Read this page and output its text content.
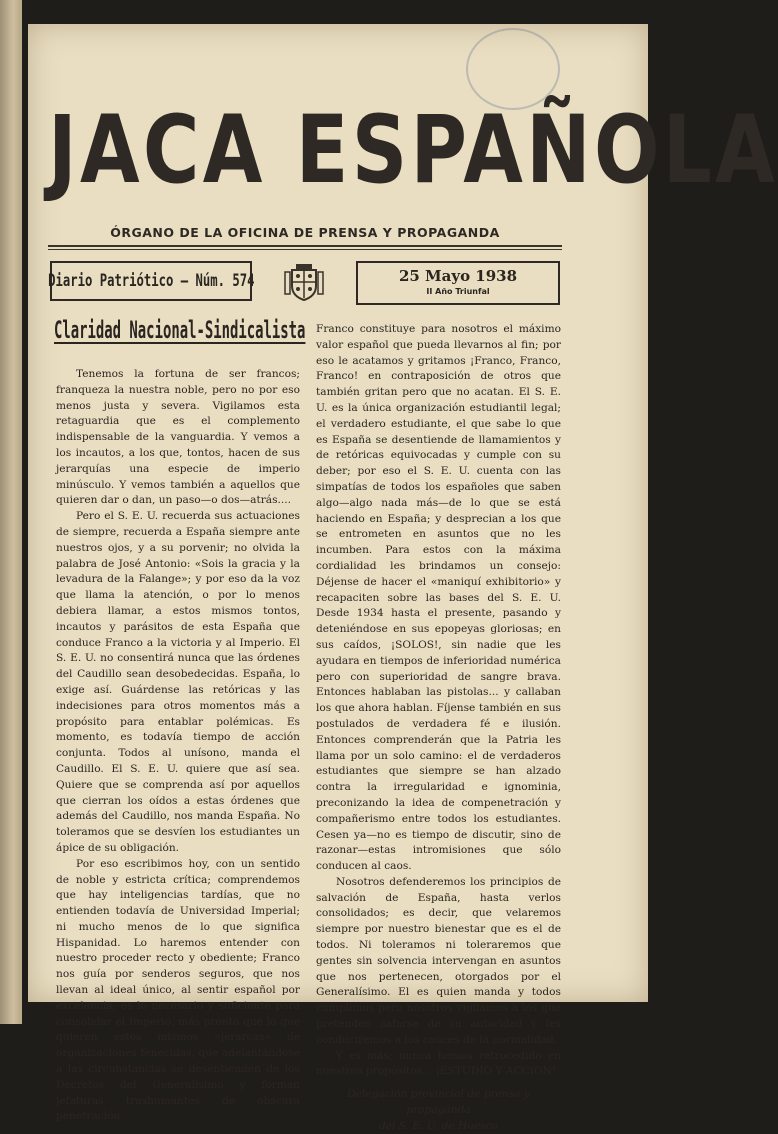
JACA ESPAÑOLA
ÓRGANO DE LA OFICINA DE PRENSA Y PROPAGANDA
Diario Patriótico — Núm. 574	25 Mayo 1938
II Año Triunfal
Claridad Nacional-Sindicalista

Tenemos la fortuna de ser francos; franqueza la nuestra noble, pero no por eso menos justa y severa. Vigilamos esta retaguardia que es el complemento indispensable de la vanguardia. Y vemos a los incautos, a los que, tontos, hacen de sus jerarquías una especie de imperio minúsculo. Y vemos también a aquellos que quieren dar o dan, un paso—o dos—atrás....

Pero el S. E. U. recuerda sus actuaciones de siempre, recuerda a España siempre ante nuestros ojos, y a su porvenir; no olvida la palabra de José Antonio: «Sois la gracia y la levadura de la Falange»; y por eso da la voz que llama la atención, o por lo menos debiera llamar, a estos mismos tontos, incautos y parásitos de esta España que conduce Franco a la victoria y al Imperio. El S. E. U. no consentirá nunca que las órdenes del Caudillo sean desobedecidas. España, lo exige así. Guárdense las retóricas y las indecisiones para otros momentos más a propósito para entablar polémicas. Es momento, es todavía tiempo de acción conjunta. Todos al unísono, manda el Caudillo. El S. E. U. quiere que así sea. Quiere que se comprenda así por aquellos que cierran los oídos a estas órdenes que además del Caudillo, nos manda España. No toleramos que se desvíen los estudiantes un ápice de su obligación.

Por eso escribimos hoy, con un sentido de noble y estricta crítica; comprendemos que hay inteligencias tardías, que no entienden todavía de Universidad Imperial; ni mucho menos de lo que significa Hispanidad. Lo haremos entender con nuestro proceder recto y obediente; Franco nos guía por senderos seguros, que nos llevan al ideal único, al sentir español por excelencia; es lo necesario y suficiente para consolidar el Imperio, más pronto que lo que quieren estos mismos «jerarcas» de organizaciones fenecidas, que adelantándose a las circunstancias se desentienden de los Decretos del Generalísimo y forman jefaturas trashumantes de obscura penetración.

Franco constituye para nosotros el máximo valor español que pueda llevarnos al fin; por eso le acatamos y gritamos ¡Franco, Franco, Franco! en contraposición de otros que también gritan pero que no acatan. El S. E. U. es la única organización estudiantil legal; el verdadero estudiante, el que sabe lo que es España se desentiende de llamamientos y de retóricas equivocadas y cumple con su deber; por eso el S. E. U. cuenta con las simpatías de todos los españoles que saben algo—algo nada más—de lo que se está haciendo en España; y desprecian a los que se entrometen en asuntos que no les incumben. Para estos con la máxima cordialidad les brindamos un consejo: Déjense de hacer el «maniquí exhibitorio» y recapaciten sobre las bases del S. E. U. Desde 1934 hasta el presente, pasando y deteniéndose en sus epopeyas gloriosas; en sus caídos, ¡SOLOS!, sin nadie que les ayudara en tiempos de inferioridad numérica pero con superioridad de sangre brava. Entonces hablaban las pistolas... y callaban los que ahora hablan. Fíjense también en sus postulados de verdadera fé e ilusión. Entonces comprenderán que la Patria les llama por un solo camino: el de verdaderos estudiantes que siempre se han alzado contra la irregularidad e ignominia, preconizando la idea de compenetración y compañerismo entre todos los estudiantes. Cesen ya—no es tiempo de discutir, sino de razonar—estas intromisiones que sólo conducen al caos.

Nosotros defenderemos los principios de salvación de España, hasta verlos consolidados; es decir, que velaremos siempre por nuestro bienestar que es el de todos. Ni toleramos ni toleraremos que gentes sin solvencia intervengan en asuntos que nos pertenecen, otorgados por el Generalísimo. El es quien manda y todos cumplimos pero nosotros vigilamos a los que pretenden zafarse de su autoridad y les conduciremos a los cauces de la normalidad.

Y es más; nunca hemos retrocedido en nuestros propósitos... ¡ESTUDIO Y ACCION!

Delegación provincial de prensa y propaganda
del S. E. U. de Huesca
